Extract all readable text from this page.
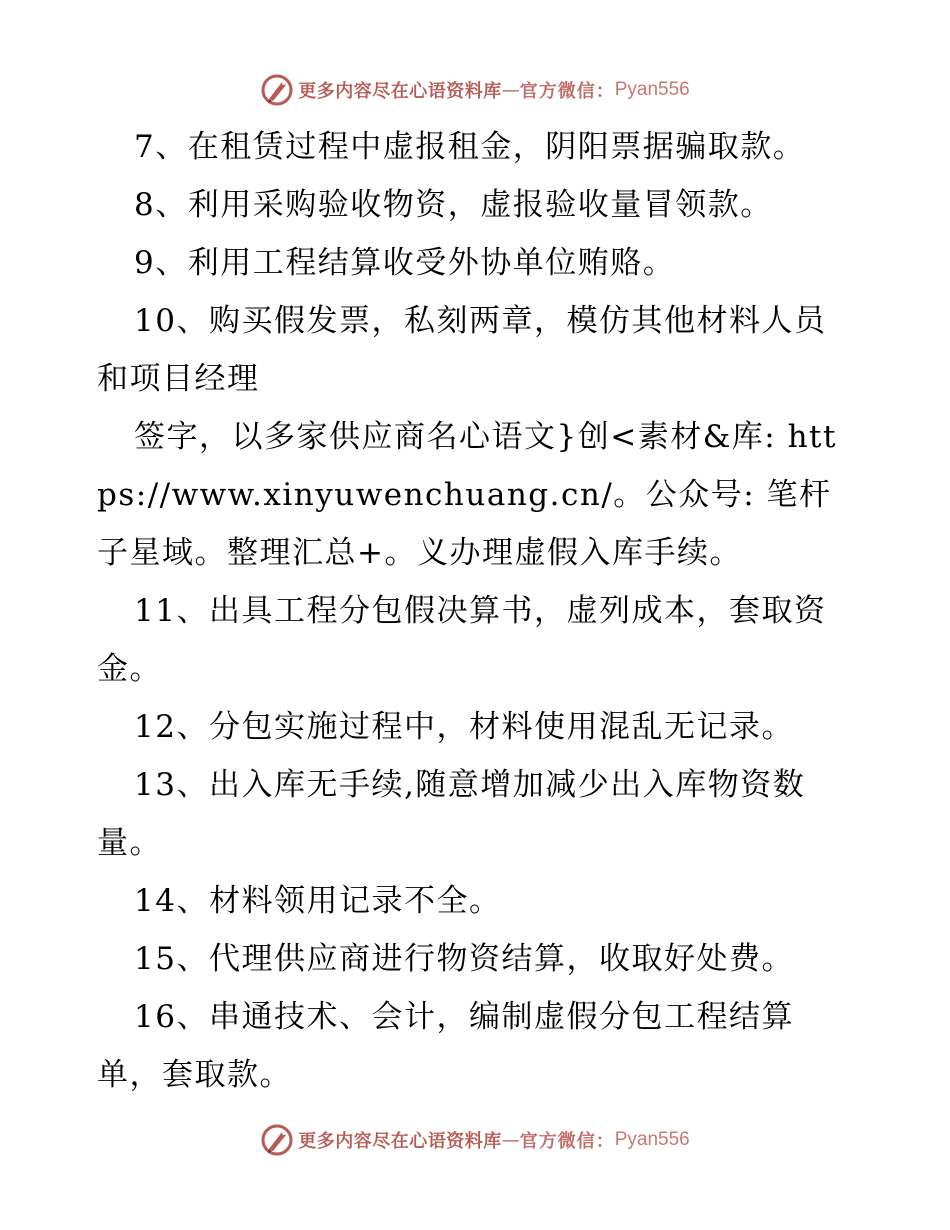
更多内容尽在心语资料库 — 官方微信： Pyan556

7、在租赁过程中虚报租金，阴阳票据骗取款。

8、利用采购验收物资，虚报验收量冒领款。

9、利用工程结算收受外协单位贿赂。

10、购买假发票，私刻两章，模仿其他材料人员和项目经理

签字，以多家供应商名心语文}创<素材&库: https://www.xinyuwenchuang.cn/。公众号: 笔杆子星域。整理汇总+。义办理虚假入库手续。

11、出具工程分包假决算书，虚列成本，套取资金。

12、分包实施过程中，材料使用混乱无记录。

13、出入库无手续,随意增加减少出入库物资数量。

14、材料领用记录不全。

15、代理供应商进行物资结算，收取好处费。

16、串通技术、会计，编制虚假分包工程结算单，套取款。

更多内容尽在心语资料库 — 官方微信： Pyan556
